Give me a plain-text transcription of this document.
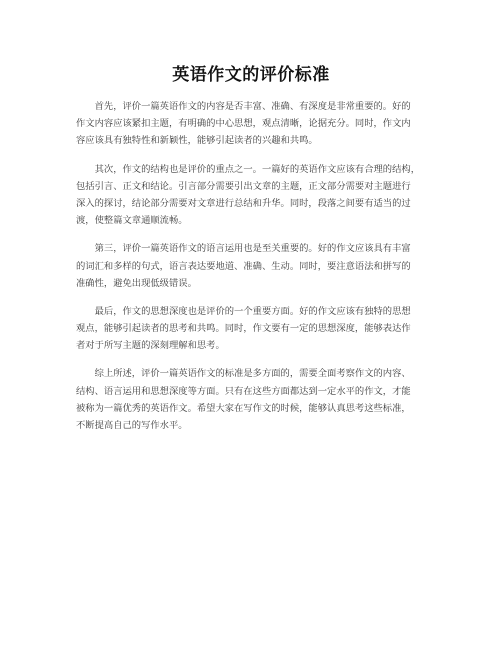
英语作文的评价标准
　　首先，评价一篇英语作文的内容是否丰富、准确、有深度是非常重要的。好的
作文内容应该紧扣主题，有明确的中心思想，观点清晰，论据充分。同时，作文内
容应该具有独特性和新颖性，能够引起读者的兴趣和共鸣。
　　其次，作文的结构也是评价的重点之一。一篇好的英语作文应该有合理的结构，
包括引言、正文和结论。引言部分需要引出文章的主题，正文部分需要对主题进行
深入的探讨，结论部分需要对文章进行总结和升华。同时，段落之间要有适当的过
渡，使整篇文章通顺流畅。
　　第三，评价一篇英语作文的语言运用也是至关重要的。好的作文应该具有丰富
的词汇和多样的句式，语言表达要地道、准确、生动。同时，要注意语法和拼写的
准确性，避免出现低级错误。
　　最后，作文的思想深度也是评价的一个重要方面。好的作文应该有独特的思想
观点，能够引起读者的思考和共鸣。同时，作文要有一定的思想深度，能够表达作
者对于所写主题的深刻理解和思考。
　　综上所述，评价一篇英语作文的标准是多方面的，需要全面考察作文的内容、
结构、语言运用和思想深度等方面。只有在这些方面都达到一定水平的作文，才能
被称为一篇优秀的英语作文。希望大家在写作文的时候，能够认真思考这些标准，
不断提高自己的写作水平。
